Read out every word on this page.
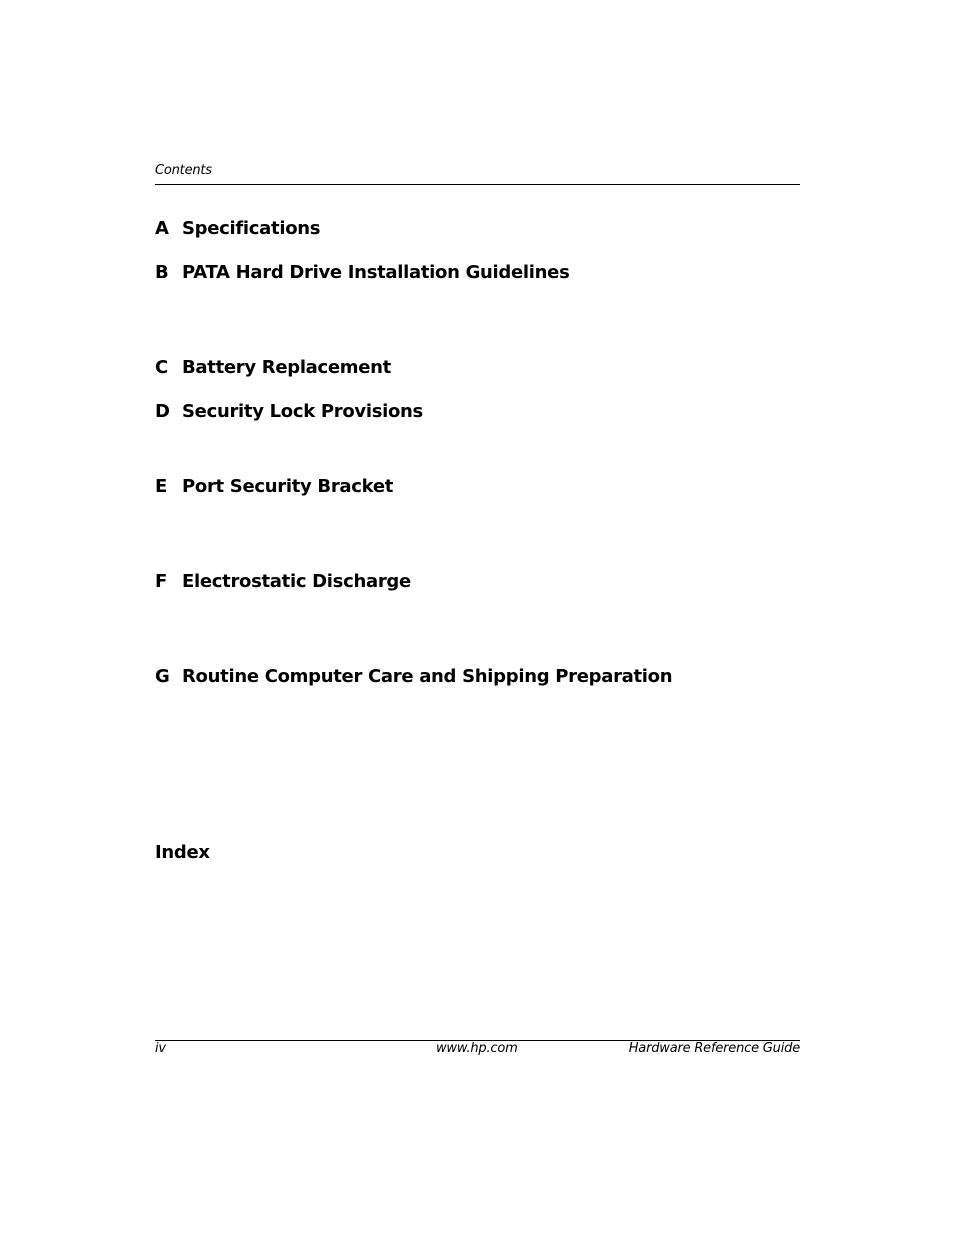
Contents
A Specifications
B PATA Hard Drive Installation Guidelines
C Battery Replacement
D Security Lock Provisions
E Port Security Bracket
F Electrostatic Discharge
G Routine Computer Care and Shipping Preparation
Index
iv	www.hp.com	Hardware Reference Guide
